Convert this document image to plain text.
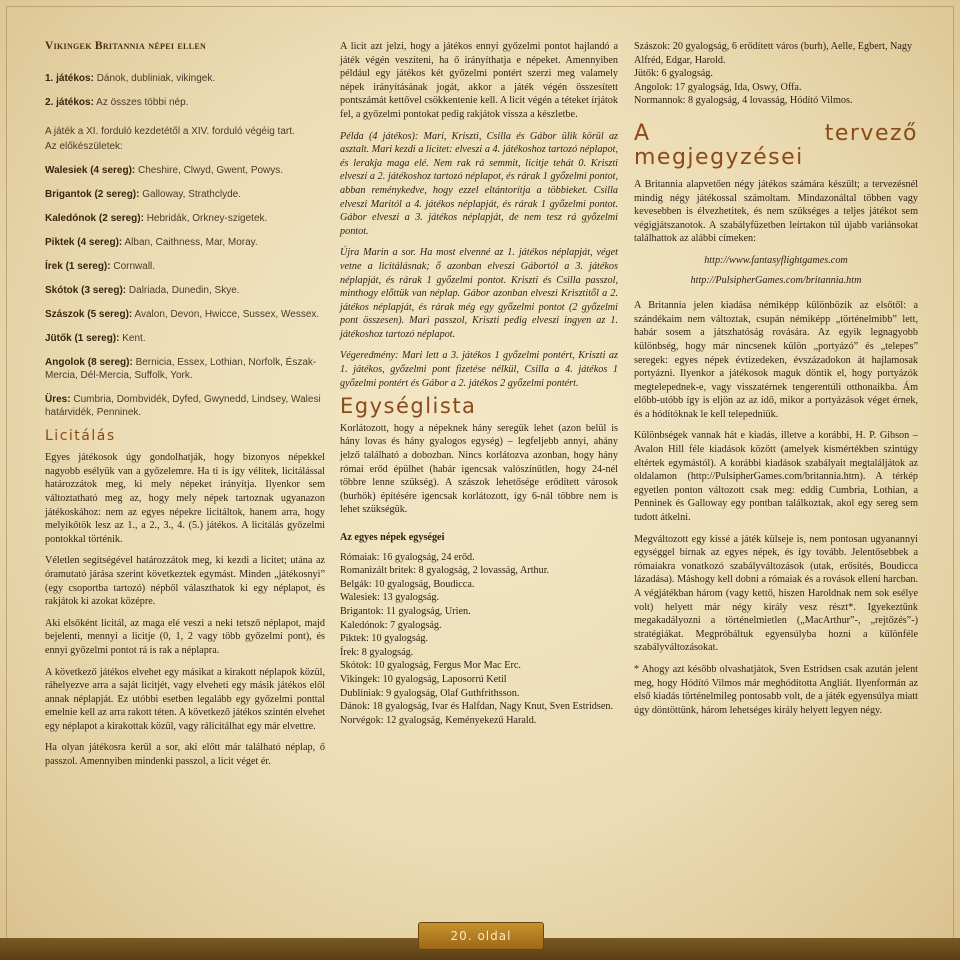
Vikingek Britannia népei ellen
1. játékos: Dánok, dubliniak, vikingek.
2. játékos: Az összes többi nép.
A játék a XI. forduló kezdetétől a XIV. forduló végéig tart.
Az előkészületek:
Walesiek (4 sereg): Cheshire, Clwyd, Gwent, Powys.
Brigantok (2 sereg): Galloway, Strathclyde.
Kaledónok (2 sereg): Hebridák, Orkney-szigetek.
Piktek (4 sereg): Alban, Caithness, Mar, Moray.
Írek (1 sereg): Cornwall.
Skótok (3 sereg): Dalriada, Dunedin, Skye.
Szászok (5 sereg): Avalon, Devon, Hwicce, Sussex, Wessex.
Jütők (1 sereg): Kent.
Angolok (8 sereg): Bernicia, Essex, Lothian, Norfolk, Észak-Mercia, Dél-Mercia, Suffolk, York.
Üres: Cumbria, Dombvidék, Dyfed, Gwynedd, Lindsey, Walesi határvidék, Penninek.
Licitálás

Egyes játékosok úgy gondolhatják, hogy bizonyos népekkel nagyobb esélyük van a győzelemre. Ha ti is így vélitek, licitálással határozzátok meg, ki mely népeket irányítja. Ilyenkor sem változtatható meg az, hogy mely népek tartoznak ugyanazon játékoskához: nem az egyes népekre licitáltok, hanem arra, hogy melyikőtök lesz az 1., a 2., 3., 4. (5.) játékos. A licitálás győzelmi pontokkal történik.

Véletlen segítségével határozzátok meg, ki kezdi a licitet; utána az óramutató járása szerint következtek egymást. Minden „játékosnyi” (egy csoportba tartozó) népből választhatok ki egy néplapot, és rakjátok ki azokat középre.

Aki elsőként licitál, az maga elé veszi a neki tetsző néplapot, majd bejelenti, mennyi a licitje (0, 1, 2 vagy több győzelmi pont), és ennyi győzelmi pontot rá is rak a néplapra.

A következő játékos elvehet egy másikat a kirakott néplapok közül, ráhelyezve arra a saját licitjét, vagy elveheti egy másik játékos elől annak néplapját. Ez utóbbi esetben legalább egy győzelmi ponttal emelnie kell az arra rakott téten. A következő játékos szintén elvehet egy néplapot a kirakottak közül, vagy rálicitálhat egy már elvettre.

Ha olyan játékosra kerül a sor, aki előtt már található néplap, ő passzol. Amennyiben mindenki passzol, a licit véget ér.

A licit azt jelzi, hogy a játékos ennyi győzelmi pontot hajlandó a játék végén veszíteni, ha ő irányíthatja e népeket. Amennyiben például egy játékos két győzelmi pontért szerzi meg valamely népek irányításának jogát, akkor a játék végén összesített pontszámát kettővel csökkentenie kell. A licit végén a téteket írjátok fel, a győzelmi pontokat pedig rakjátok vissza a készletbe.

Példa (4 játékos): Mari, Kriszti, Csilla és Gábor ülik körül az asztalt. Mari kezdi a licitet: elveszi a 4. játékoshoz tartozó néplapot, és lerakja maga elé. Nem rak rá semmit, licitje tehát 0. Kriszti elveszi a 2. játékoshoz tartozó néplapot, és rárak 1 győzelmi pontot, abban reménykedve, hogy ezzel eltántorítja a többieket. Csilla elveszi Maritól a 4. játékos néplapját, és rárak 1 győzelmi pontot. Gábor elveszi a 3. játékos néplapját, de nem tesz rá győzelmi pontot.

Újra Marin a sor. Ha most elvenné az 1. játékos néplapját, véget vetne a licitálásnak; ő azonban elveszi Gábortól a 3. játékos néplapját, és rárak 1 győzelmi pontot. Kriszti és Csilla passzol, minthogy előttük van néplap. Gábor azonban elveszi Krisztitől a 2. játékos néplapját, és rárak még egy győzelmi pontot (2 győzelmi pont összesen). Mari passzol, Kriszti pedig elveszi ingyen az 1. játékoshoz tartozó néplapot.

Végeredmény: Mari lett a 3. játékos 1 győzelmi pontért, Kriszti az 1. játékos, győzelmi pont fizetése nélkül, Csilla a 4. játékos 1 győzelmi pontért és Gábor a 2. játékos 2 győzelmi pontért.

Egységlista

Korlátozott, hogy a népeknek hány seregük lehet (azon belül is hány lovas és hány gyalogos egység) – legfeljebb annyi, ahány jelző található a dobozban. Nincs korlátozva azonban, hogy hány római erőd épülhet (habár igencsak valószínűtlen, hogy 24-nél többre lenne szükség). A szászok lehetősége erődített városok (burhök) építésére igencsak korlátozott, így 6-nál többre nem is lehet szükségük.

Az egyes népek egységei

Rómaiak: 16 gyalogság, 24 erőd.

Romanizált britek: 8 gyalogság, 2 lovasság, Arthur.

Belgák: 10 gyalogság, Boudicca.

Walesiek: 13 gyalogság.

Brigantok: 11 gyalogság, Urien.

Kaledónok: 7 gyalogság.

Piktek: 10 gyalogság.

Írek: 8 gyalogság.

Skótok: 10 gyalogság, Fergus Mor Mac Erc.

Vikingek: 10 gyalogság, Laposorrú Ketil

Dubliniak: 9 gyalogság, Olaf Guthfrithsson.

Dánok: 18 gyalogság, Ivar és Halfdan, Nagy Knut, Sven Estridsen.

Norvégok: 12 gyalogság, Keményekezű Harald.

Szászok: 20 gyalogság, 6 erődített város (burh), Aelle, Egbert, Nagy Alfréd, Edgar, Harold.

Jütők: 6 gyalogság.

Angolok: 17 gyalogság, Ida, Oswy, Offa.

Normannok: 8 gyalogság, 4 lovasság, Hódító Vilmos.

A tervező megjegyzései

A Britannia alapvetően négy játékos számára készült; a tervezésnél mindig négy játékossal számoltam. Mindazonáltal többen vagy kevesebben is élvezhetitek, és nem szükséges a teljes játékot sem végigjátszanotok. A szabályfüzetben leírtakon túl újabb variánsokat találhattok az alábbi címeken:

http://www.fantasyflightgames.com

http://PulsipherGames.com/britannia.htm

A Britannia jelen kiadása némiképp különbözik az elsőtől: a szándékaim nem változtak, csupán némiképp „történelmibb” lett, habár sosem a játszhatóság rovására. Az egyik legnagyobb különbség, hogy már nincsenek külön „portyázó” és „telepes” seregek: egyes népek évtizedeken, évszázadokon át hajlamosak portyázni. Ilyenkor a játékosok maguk döntik el, hogy portyázók megtelepednek-e, vagy visszatérnek tengerentúli otthonaikba. Ám előbb-utóbb így is eljön az az idő, mikor a portyázások véget érnek, és a hódítóknak le kell telepedniük.

Különbségek vannak hát e kiadás, illetve a korábbi, H. P. Gibson – Avalon Hill féle kiadások között (amelyek kismértékben szintúgy eltértek egymástól). A korábbi kiadások szabályait megtaláljátok az oldalamon (http://PulsipherGames.com/britannia.htm). A térkép egyetlen ponton változott csak meg: eddig Cumbria, Lothian, a Penninek és Galloway egy pontban találkoztak, akol egy sereg sem tudott átkelni.

Megváltozott egy kissé a játék külseje is, nem pontosan ugyanannyi egységgel bírnak az egyes népek, és így tovább. Jelentősebbek a rómaiakra vonatkozó szabályváltozások (utak, erősítés, Boudicca lázadása). Máshogy kell dobni a rómaiak és a rovások ellení harcban. A végjátékban három (vagy kettő, hiszen Haroldnak nem sok esélye volt) helyett már négy király vesz részt*. Igyekeztünk megakadályozni a történelmietlen („MacArthur”-, „rejtőzés”-) stratégiákat. Megpróbáltuk egyensúlyba hozni a különféle szabályváltozásokat.

* Ahogy azt később olvashatjátok, Sven Estridsen csak azután jelent meg, hogy Hódító Vilmos már meghódította Angliát. Ilyenformán az első kiadás történelmileg pontosabb volt, de a játék egyensúlya miatt úgy döntöttünk, három lehetséges király helyett legyen négy.

20. oldal
